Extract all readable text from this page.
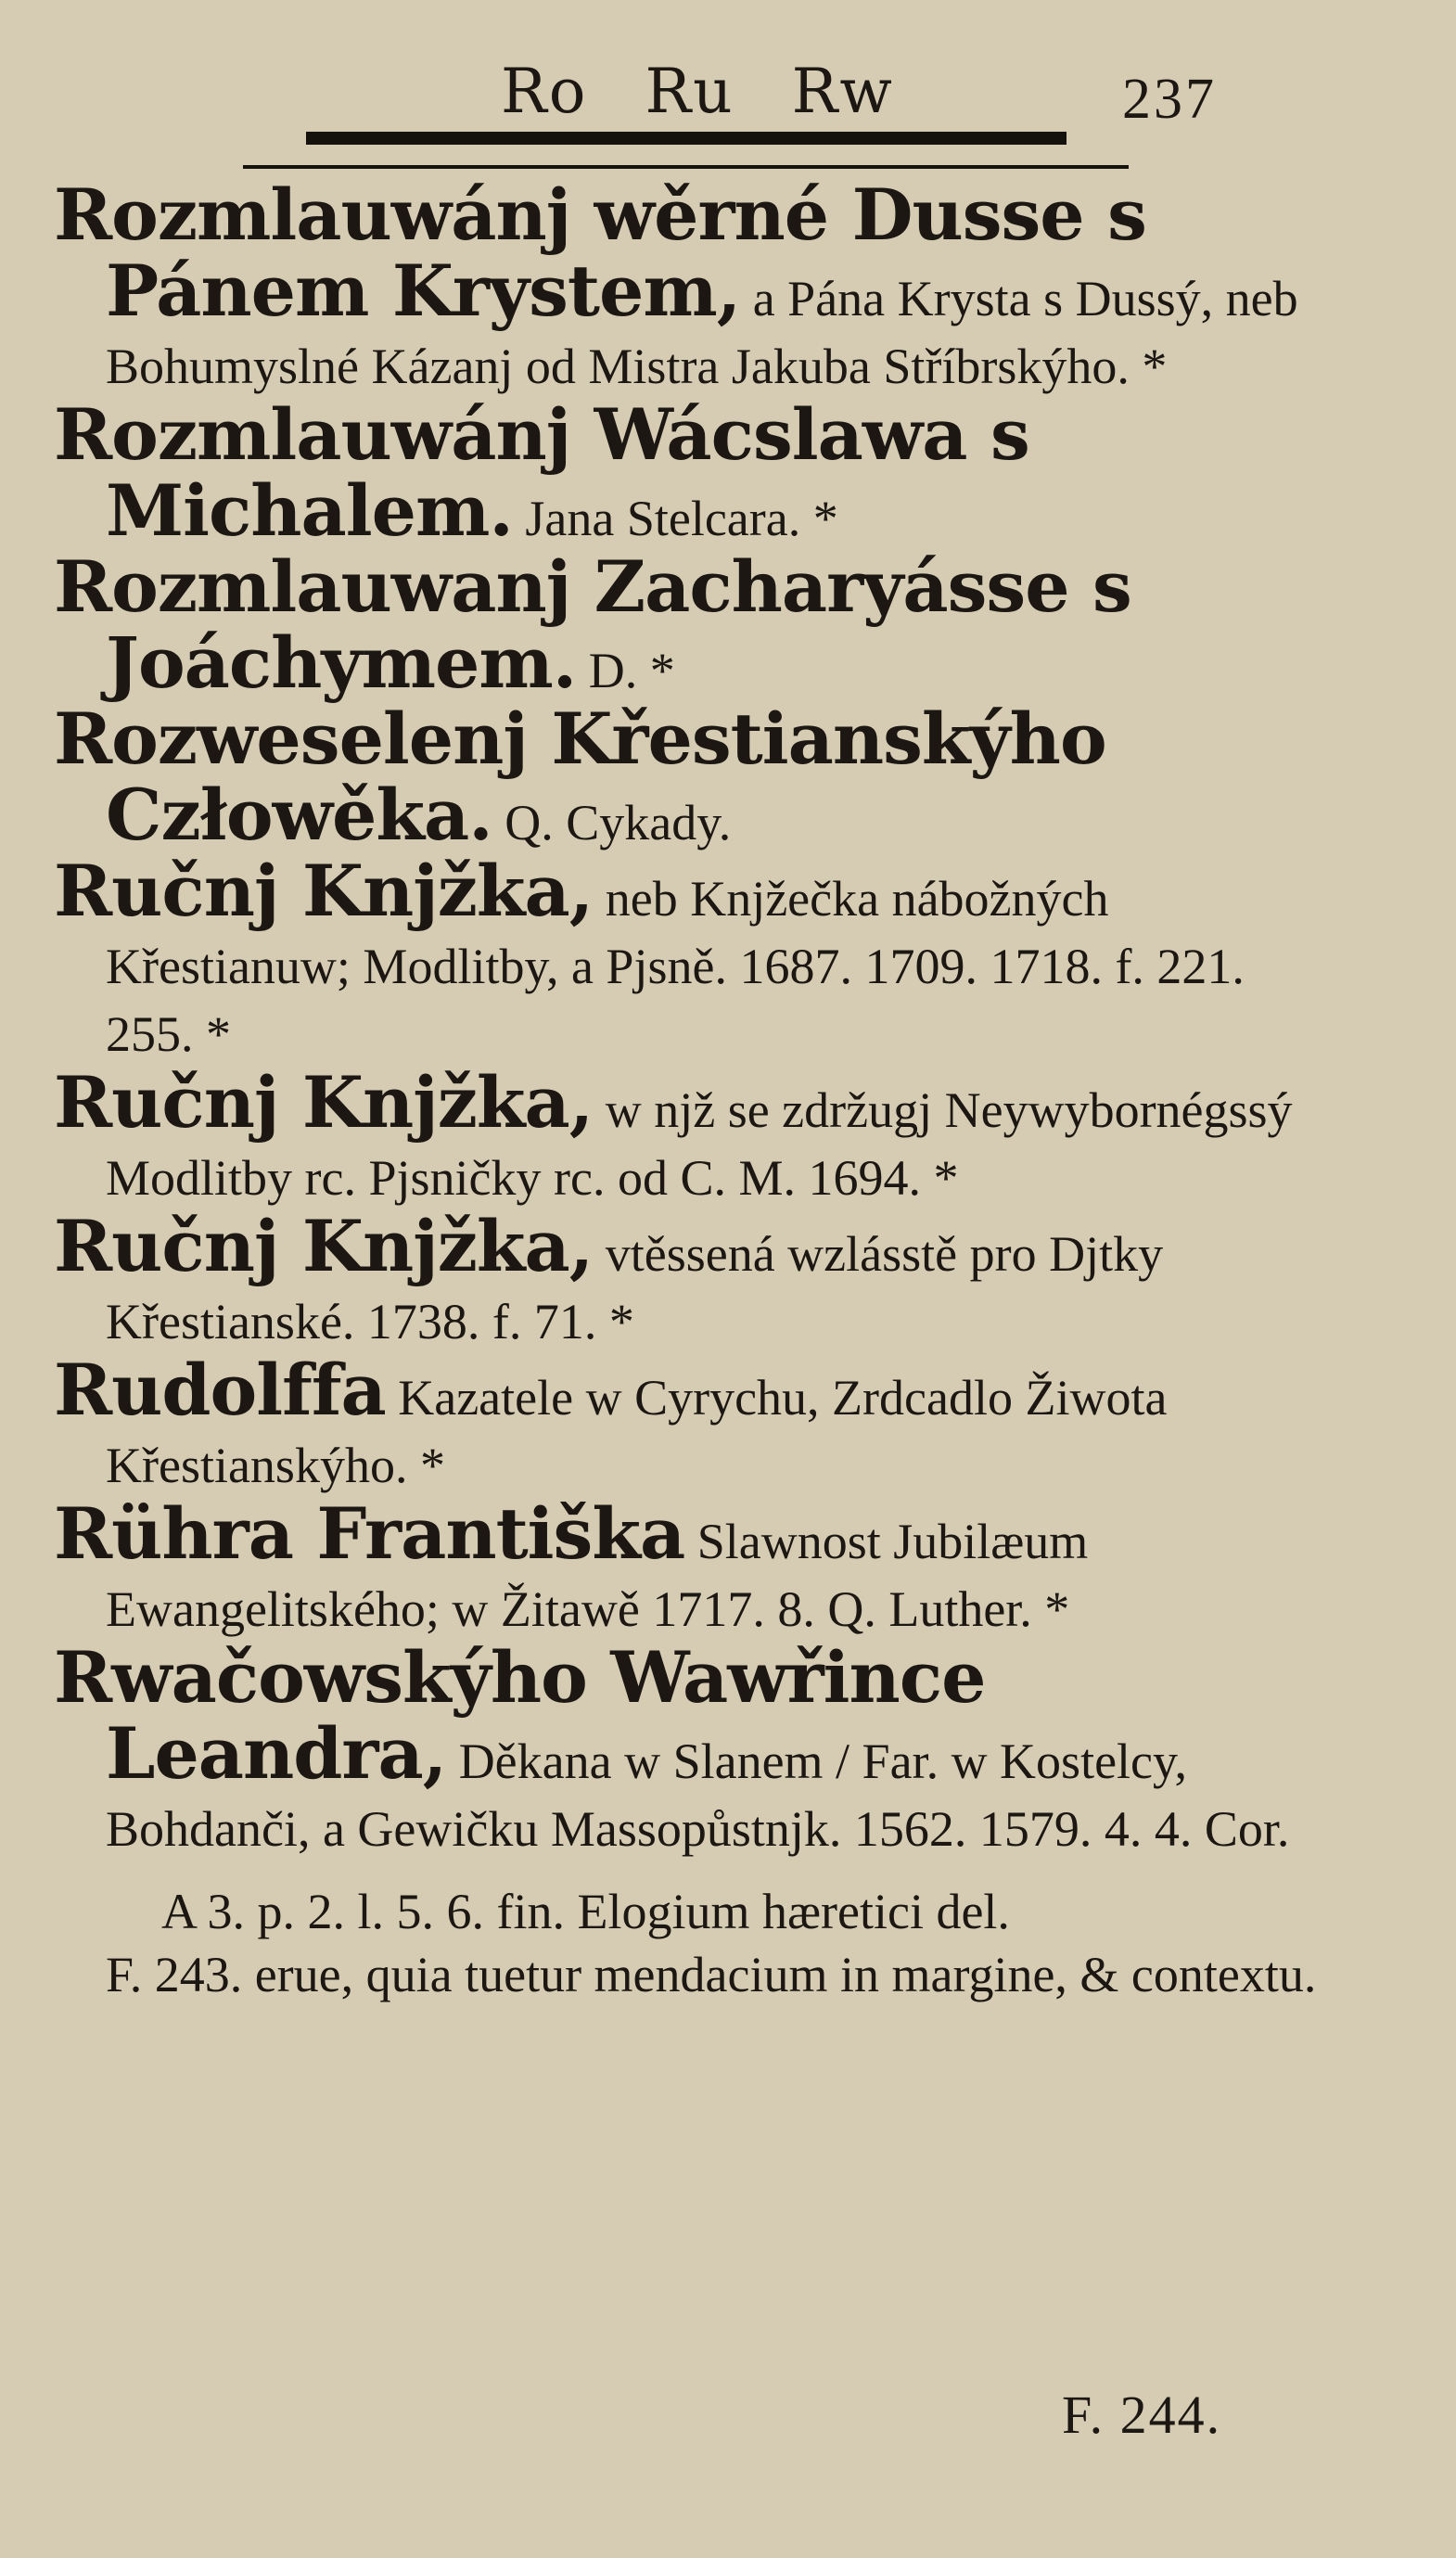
Ro Ru Rw	237

Rozmlauwánj wěrné Dusse s Pánem Krystem, a Pána Krysta s Dussý, neb Bohumyslné Kázanj od Mistra Jakuba Stříbrskýho. *

Rozmlauwánj Wácslawa s Michalem. Jana Stelcara. *

Rozmlauwanj Zacharyásse s Joáchymem. D. *

Rozweselenj Křestianskýho Człowěka. Q. Cykady.

Ručnj Knjžka, neb Knjžečka nábožných Křestianuw; Modlitby, a Pjsně. 1687. 1709. 1718. f. 221. 255. *

Ručnj Knjžka, w njž se zdržugj Neywybornégssý Modlitby rc. Pjsničky rc. od C. M. 1694. *

Ručnj Knjžka, vtěssená wzlásstě pro Djtky Křestianské. 1738. f. 71. *

Rudolffa Kazatele w Cyrychu, Zrdcadlo Žiwota Křestianskýho. *

Rühra Františka Slawnost Jubilæum Ewangelitského; w Žitawě 1717. 8. Q. Luther. *

Rwačowskýho Wawřince Leandra, Děkana w Slanem / Far. w Kostelcy, Bohdanči, a Gewičku Massopůstnjk. 1562. 1579. 4. 4. Cor.

A 3. p. 2. l. 5. 6. fin. Elogium hæretici del.
F. 243. erue, quia tuetur mendacium in margine, & contextu.
F. 244.
